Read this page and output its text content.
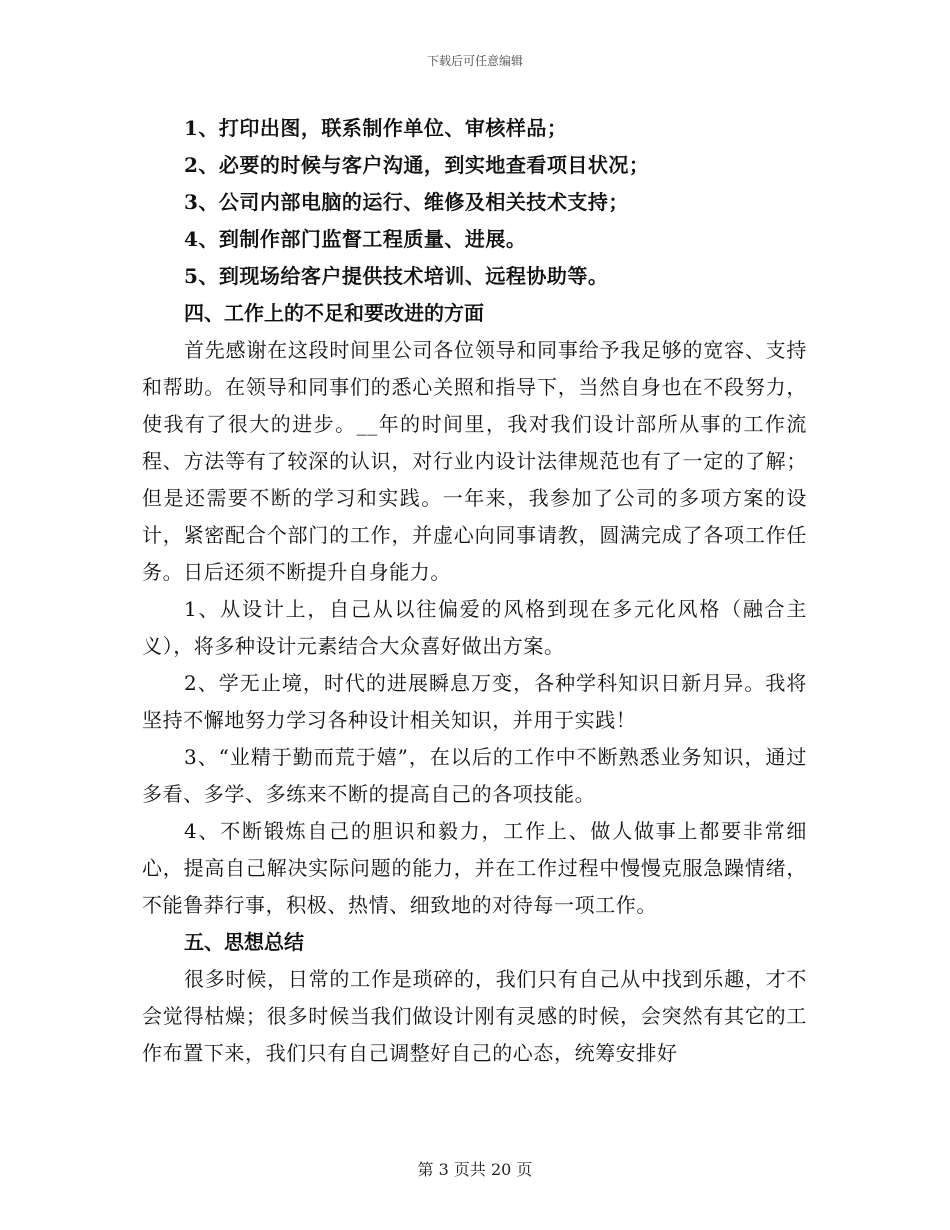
下载后可任意编辑

1、打印出图，联系制作单位、审核样品；

2、必要的时候与客户沟通，到实地查看项目状况；

3、公司内部电脑的运行、维修及相关技术支持；

4、到制作部门监督工程质量、进展。

5、到现场给客户提供技术培训、远程协助等。

四、工作上的不足和要改进的方面

首先感谢在这段时间里公司各位领导和同事给予我足够的宽容、支持和帮助。在领导和同事们的悉心关照和指导下，当然自身也在不段努力，使我有了很大的进步。__年的时间里，我对我们设计部所从事的工作流程、方法等有了较深的认识，对行业内设计法律规范也有了一定的了解；但是还需要不断的学习和实践。一年来，我参加了公司的多项方案的设计，紧密配合个部门的工作，并虚心向同事请教，圆满完成了各项工作任务。日后还须不断提升自身能力。

1、从设计上，自己从以往偏爱的风格到现在多元化风格（融合主义），将多种设计元素结合大众喜好做出方案。

2、学无止境，时代的进展瞬息万变，各种学科知识日新月异。我将坚持不懈地努力学习各种设计相关知识，并用于实践！

3、“业精于勤而荒于嬉”，在以后的工作中不断熟悉业务知识，通过多看、多学、多练来不断的提高自己的各项技能。

4、不断锻炼自己的胆识和毅力，工作上、做人做事上都要非常细心，提高自己解决实际问题的能力，并在工作过程中慢慢克服急躁情绪，不能鲁莽行事，积极、热情、细致地的对待每一项工作。

五、思想总结

很多时候，日常的工作是琐碎的，我们只有自己从中找到乐趣，才不会觉得枯燥；很多时候当我们做设计刚有灵感的时候，会突然有其它的工作布置下来，我们只有自己调整好自己的心态，统筹安排好

第 3 页共 20 页
